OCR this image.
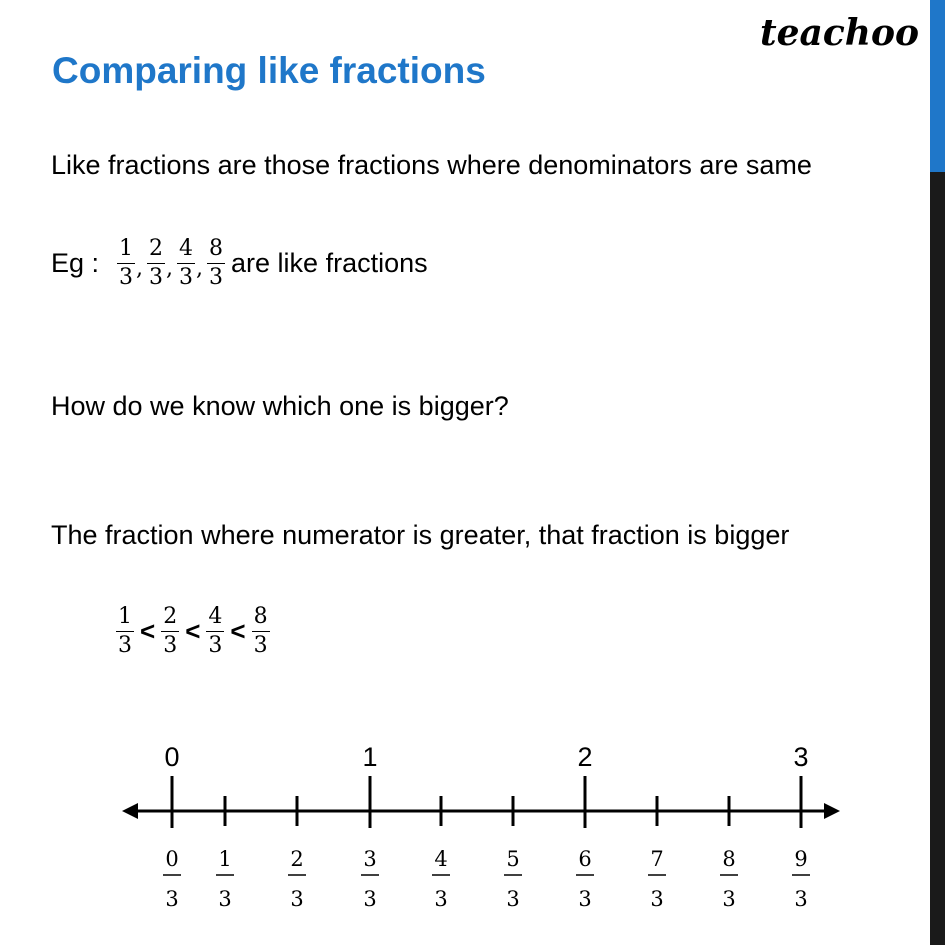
teachoo
Comparing like fractions
Like fractions are those fractions where denominators are same
Eg : $\frac{1}{3}$ , $\frac{2}{3}$ , $\frac{4}{3}$ , $\frac{8}{3}$ are like fractions
How do we know which one is bigger?
The fraction where numerator is greater, that fraction is bigger
$\frac{1}{3} < \frac{2}{3} < \frac{4}{3} < \frac{8}{3}$
0
3
1
3
2
3
3
3
4
3
5
3
6
3
7
3
8
3
9
3
0	1	2	3
